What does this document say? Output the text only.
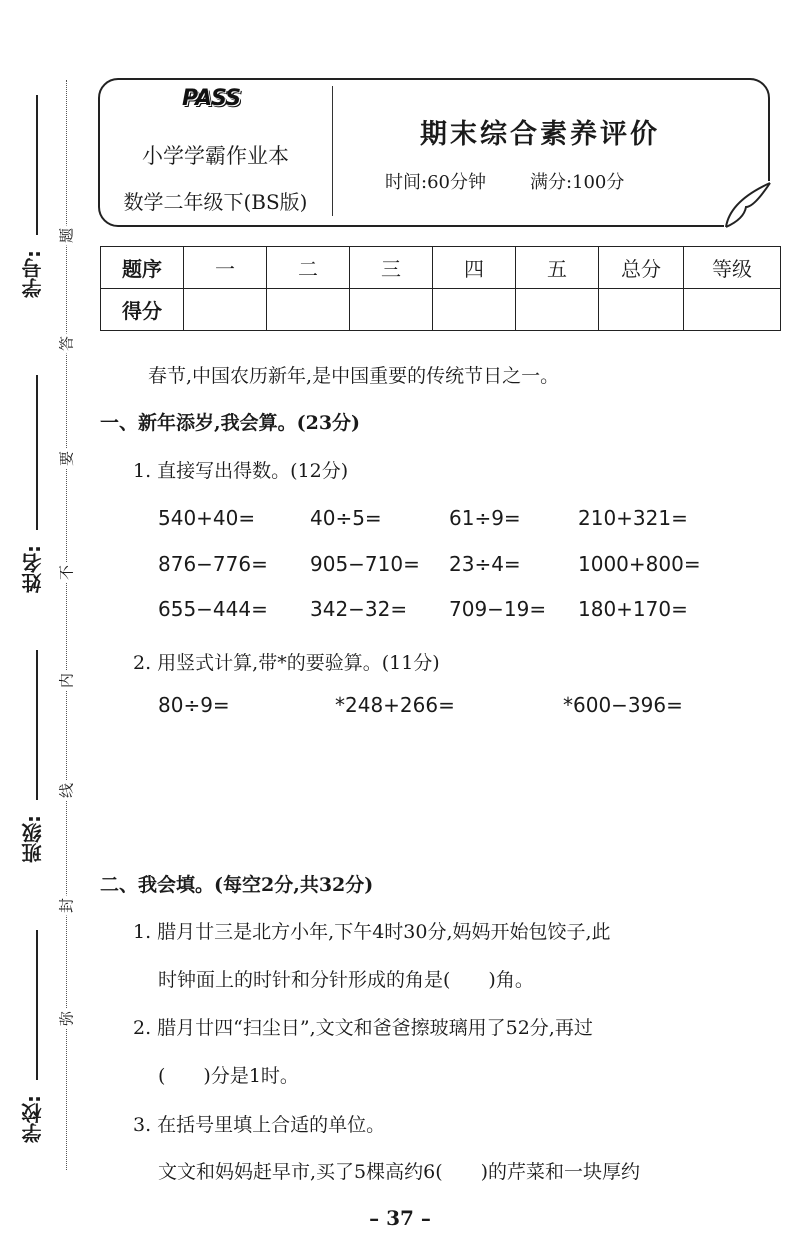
学号:
姓名:
班级:
学校:
题
答
要
不
内
线
封
弥
PASS
小学学霸作业本
数学二年级下(BS版)
期末综合素养评价
时间:60分钟 满分:100分
题序	一	二	三	四	五	总分	等级
得分							
春节,中国农历新年,是中国重要的传统节日之一。
一、新年添岁,我会算。(23分)
1. 直接写出得数。(12分)
540+40=	40÷5=	61÷9=	210+321=
876−776= 905−710= 23÷4=	1000+800=
655−444= 342−32= 709−19= 180+170=
2. 用竖式计算,带*的要验算。(11分)
80÷9=	*248+266=	*600−396=
二、我会填。(每空2分,共32分)
1. 腊月廿三是北方小年,下午4时30分,妈妈开始包饺子,此
时钟面上的时针和分针形成的角是(　　)角。
2. 腊月廿四“扫尘日”,文文和爸爸擦玻璃用了52分,再过
(　　)分是1时。
3. 在括号里填上合适的单位。
文文和妈妈赶早市,买了5棵高约6(　　)的芹菜和一块厚约
– 37 –
